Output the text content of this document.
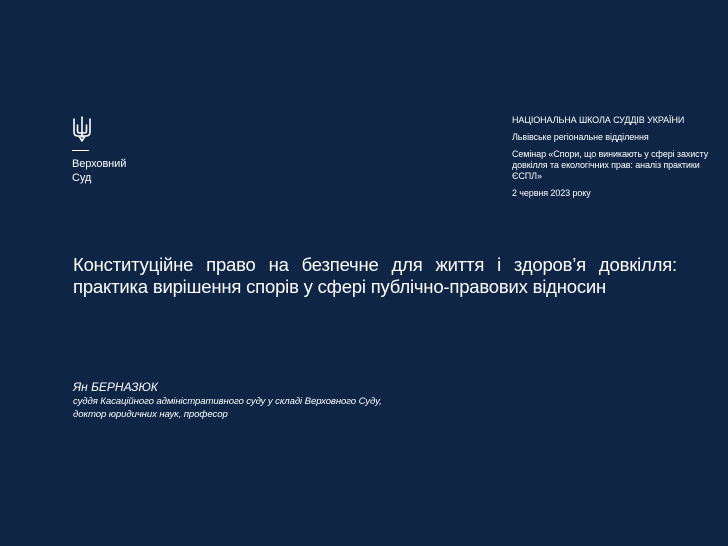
Верховний
Суд
НАЦІОНАЛЬНА ШКОЛА СУДДІВ УКРАЇНИ
Львівське регіональне відділення
Семінар «Спори, що виникають у сфері захисту довкілля та екологічних прав: аналіз практики ЄСПЛ»
2 червня 2023 року
Конституційне право на безпечне для життя і здоров’я довкілля: практика вирішення спорів у сфері публічно-правових відносин
Ян БЕРНАЗЮК
суддя Касаційного адміністративного суду у складі Верховного Суду,
доктор юридичних наук, професор
